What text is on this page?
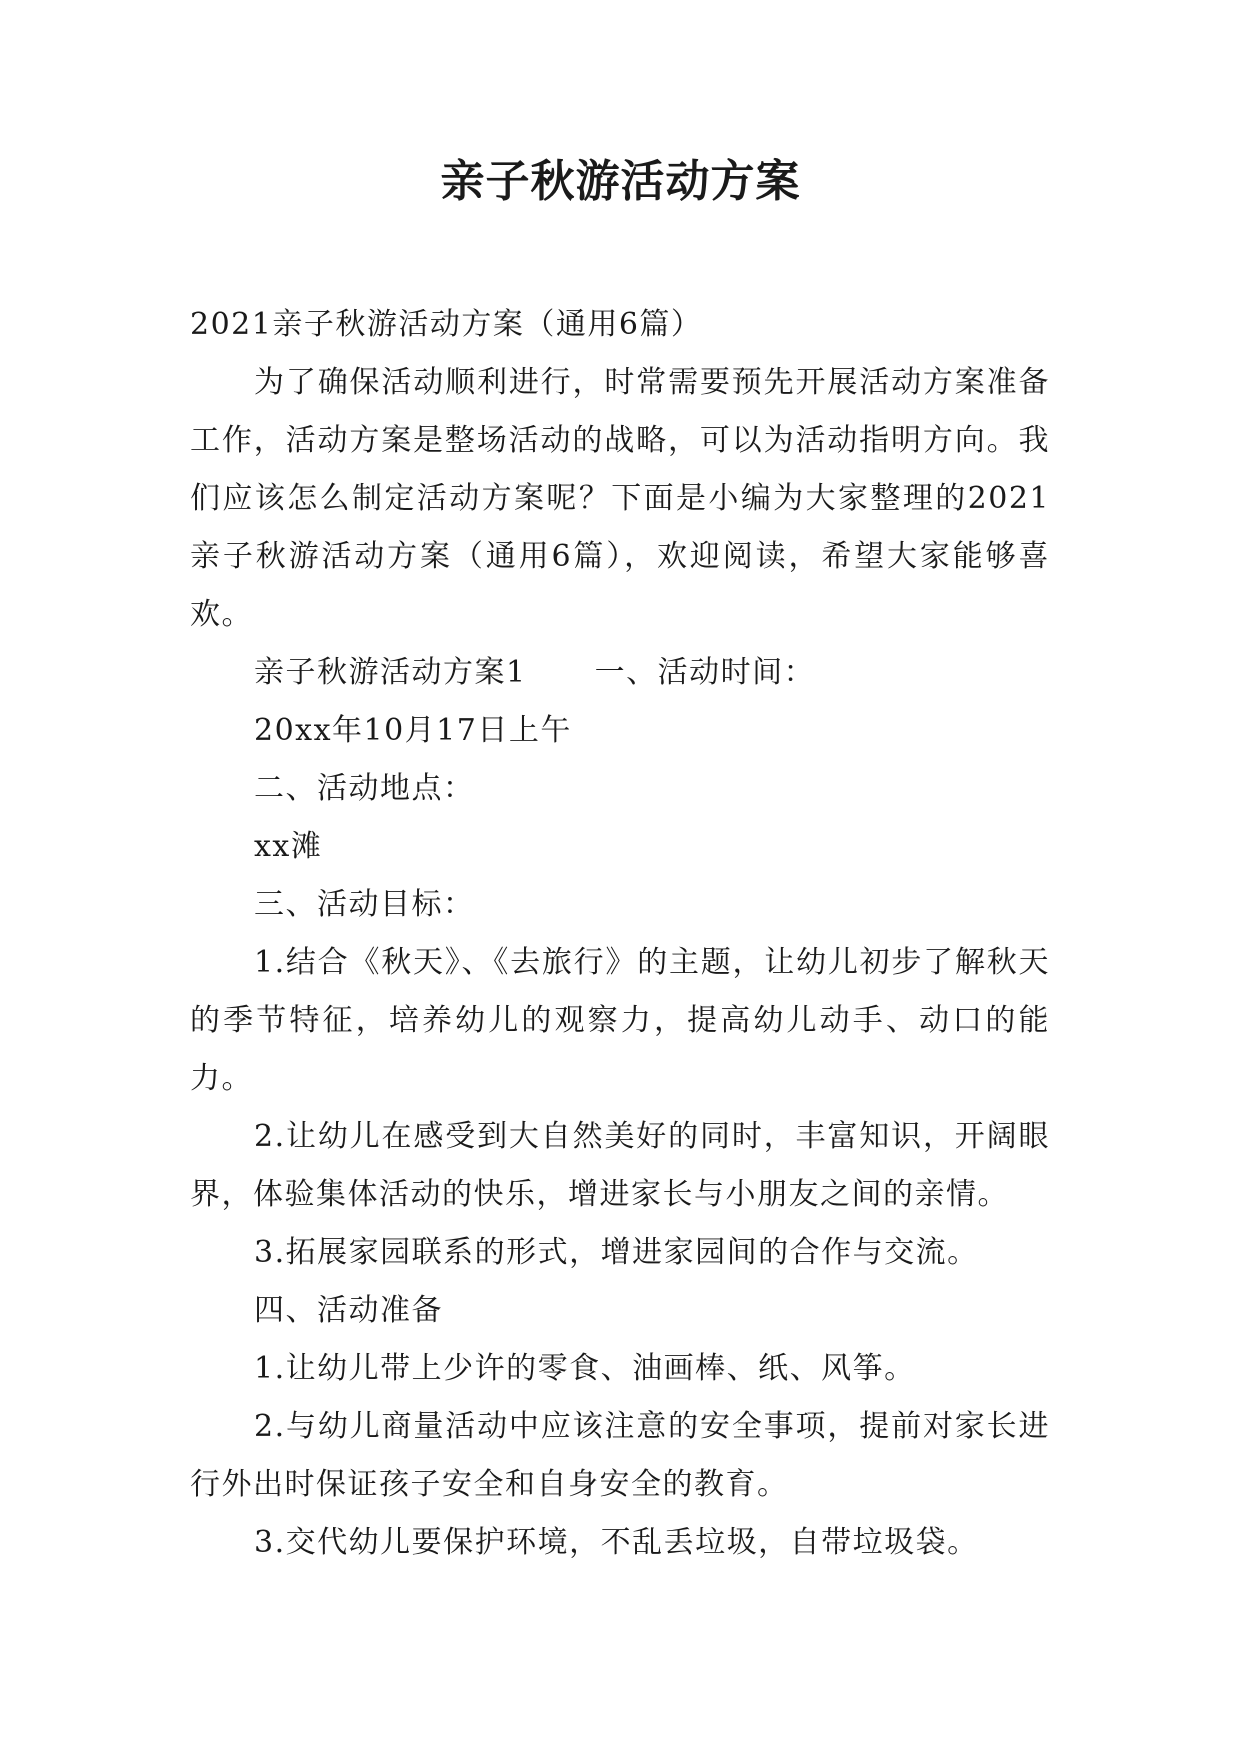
亲子秋游活动方案

2021亲子秋游活动方案（通用6篇）

为了确保活动顺利进行，时常需要预先开展活动方案准备工作，活动方案是整场活动的战略，可以为活动指明方向。我们应该怎么制定活动方案呢？下面是小编为大家整理的2021亲子秋游活动方案（通用6篇），欢迎阅读，希望大家能够喜欢。

亲子秋游活动方案1 一、活动时间：

20xx年10月17日上午

二、活动地点：

xx滩

三、活动目标：

1.结合《秋天》、《去旅行》的主题，让幼儿初步了解秋天的季节特征，培养幼儿的观察力，提高幼儿动手、动口的能力。

2.让幼儿在感受到大自然美好的同时，丰富知识，开阔眼界，体验集体活动的快乐，增进家长与小朋友之间的亲情。

3.拓展家园联系的形式，增进家园间的合作与交流。

四、活动准备

1.让幼儿带上少许的零食、油画棒、纸、风筝。

2.与幼儿商量活动中应该注意的安全事项，提前对家长进行外出时保证孩子安全和自身安全的教育。

3.交代幼儿要保护环境，不乱丢垃圾，自带垃圾袋。
